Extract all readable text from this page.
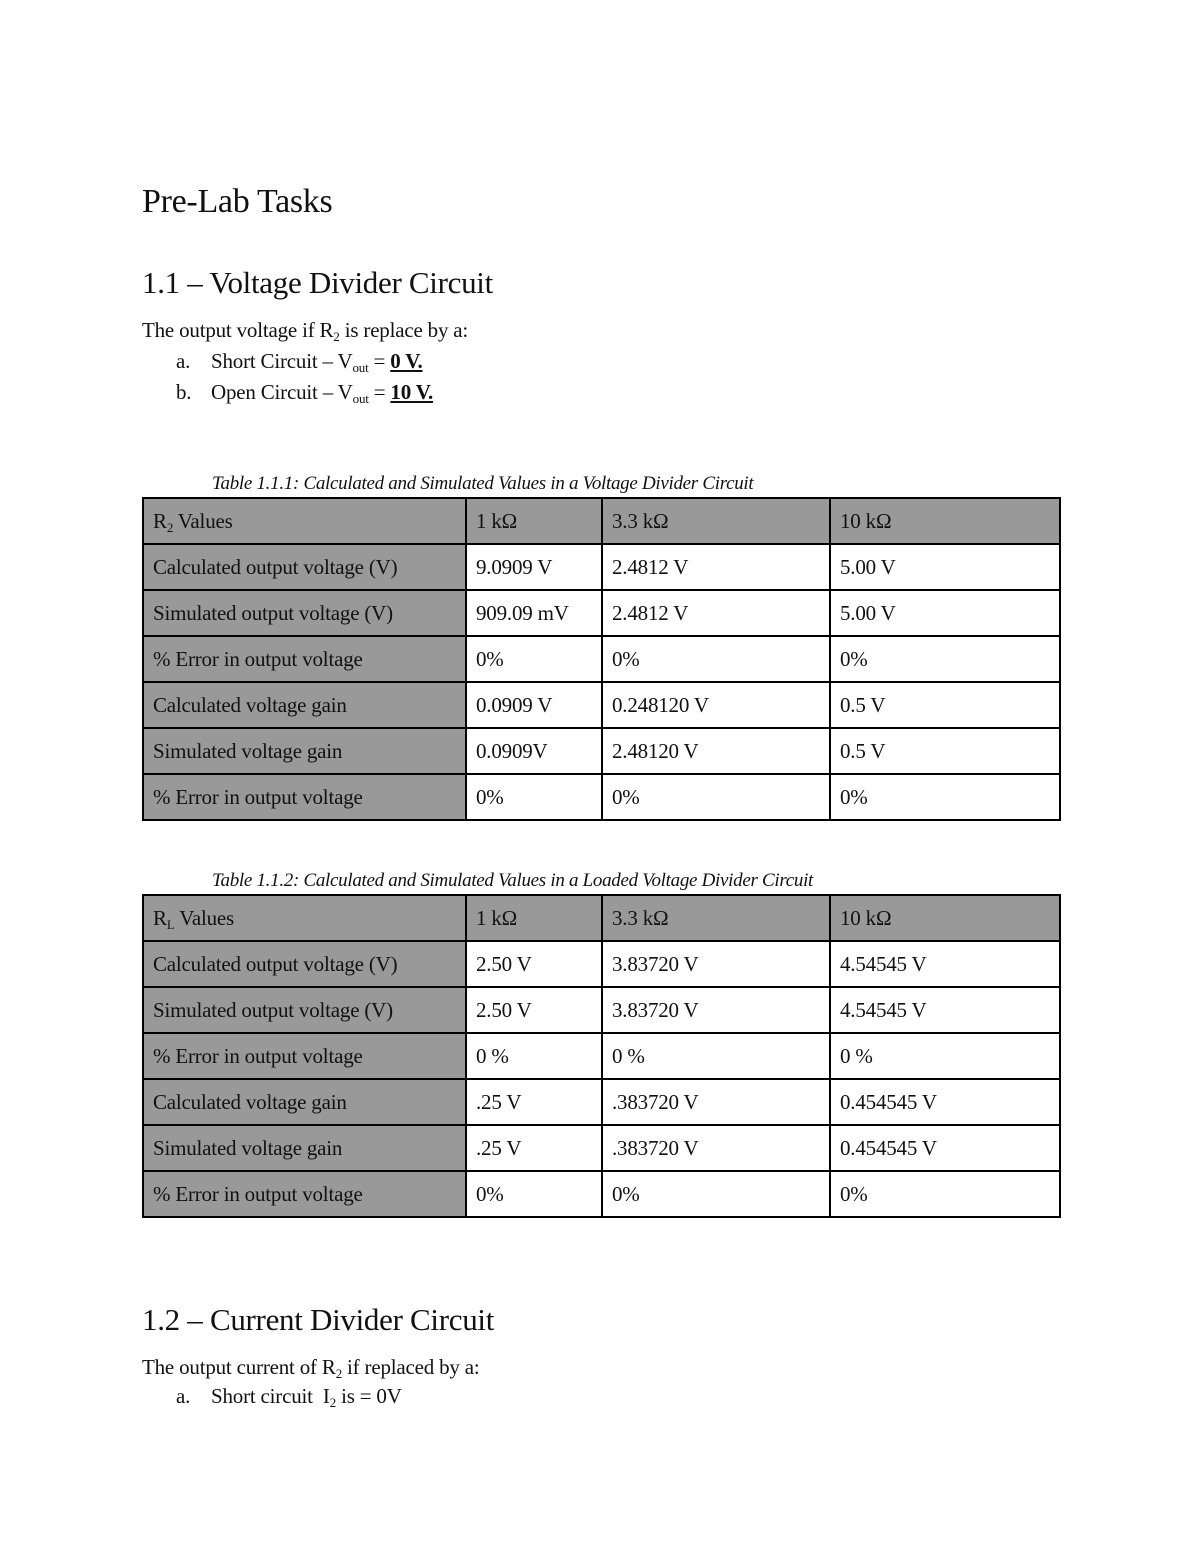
Pre-Lab Tasks
1.1 – Voltage Divider Circuit

The output voltage if $R_2$ is replace by a:

a. Short Circuit – $V_{out} = 0$ V.

b. Open Circuit – $V_{out} = 10$ V.

Table 1.1.1: Calculated and Simulated Values in a Voltage Divider Circuit

$R_2$ Values	1 kΩ	3.3 kΩ	10 kΩ
Calculated output voltage (V)	9.0909 V	2.4812 V	5.00 V
Simulated output voltage (V)	909.09 mV	2.4812 V	5.00 V
% Error in output voltage	0%	0%	0%
Calculated voltage gain	0.0909 V	0.248120 V	0.5 V
Simulated voltage gain	0.0909V	2.48120 V	0.5 V
% Error in output voltage	0%	0%	0%

Table 1.1.2: Calculated and Simulated Values in a Loaded Voltage Divider Circuit

$R_L$ Values	1 kΩ	3.3 kΩ	10 kΩ
Calculated output voltage (V)	2.50 V	3.83720 V	4.54545 V
Simulated output voltage (V)	2.50 V	3.83720 V	4.54545 V
% Error in output voltage	0 %	0 %	0 %
Calculated voltage gain	.25 V	.383720 V	0.454545 V
Simulated voltage gain	.25 V	.383720 V	0.454545 V
% Error in output voltage	0%	0%	0%
1.2 – Current Divider Circuit

The output current of $R_2$ if replaced by a:

a. Short circuit  $I_2$ is = 0V
